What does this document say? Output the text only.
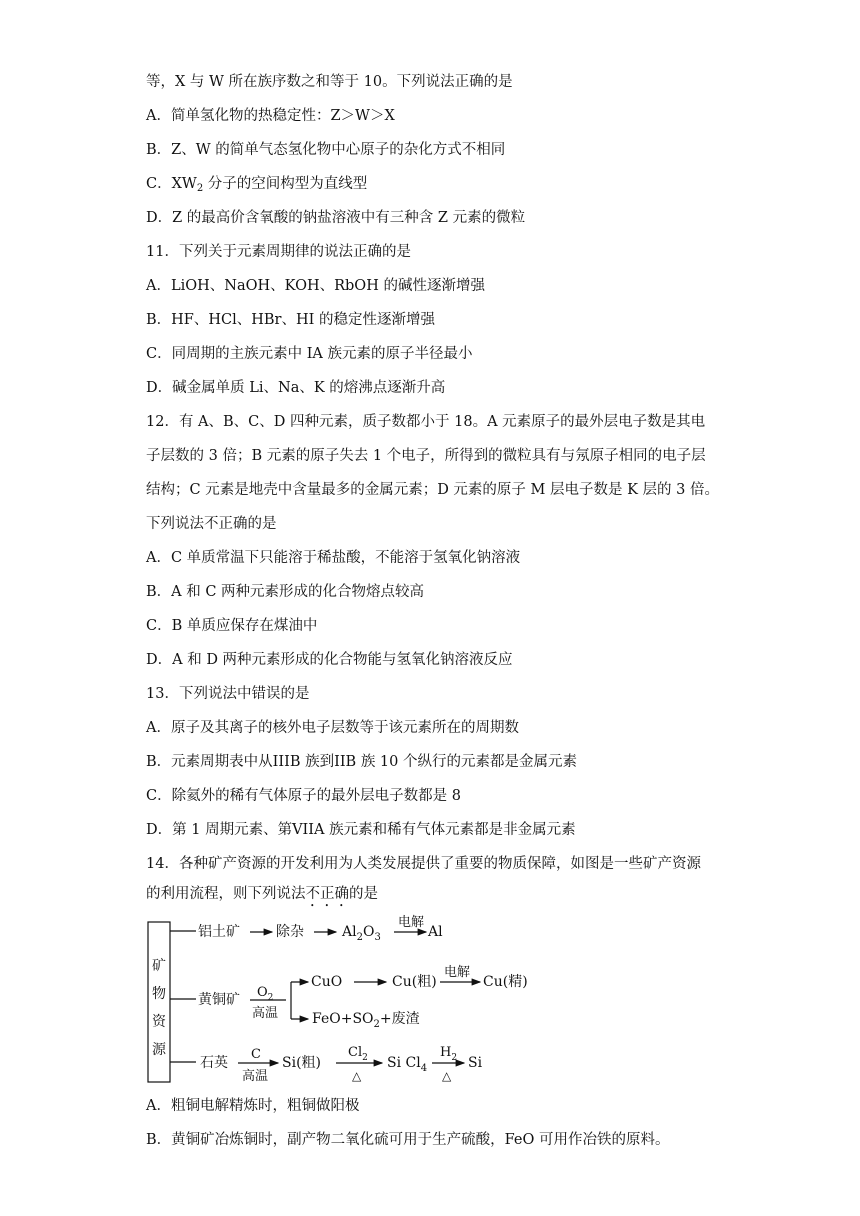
等，X 与 W 所在族序数之和等于 10。下列说法正确的是
A．简单氢化物的热稳定性：Z＞W＞X
B．Z、W 的简单气态氢化物中心原子的杂化方式不相同
C．$XW_2$ 分子的空间构型为直线型
D．Z 的最高价含氧酸的钠盐溶液中有三种含 Z 元素的微粒
11．下列关于元素周期律的说法正确的是
A．LiOH、NaOH、KOH、RbOH 的碱性逐渐增强
B．HF、HCl、HBr、HI 的稳定性逐渐增强
C．同周期的主族元素中 IA 族元素的原子半径最小
D．碱金属单质 Li、Na、K 的熔沸点逐渐升高
12．有 A、B、C、D 四种元素，质子数都小于 18。A 元素原子的最外层电子数是其电
子层数的 3 倍；B 元素的原子失去 1 个电子，所得到的微粒具有与氖原子相同的电子层
结构；C 元素是地壳中含量最多的金属元素；D 元素的原子 M 层电子数是 K 层的 3 倍。
下列说法不正确的是
A．C 单质常温下只能溶于稀盐酸，不能溶于氢氧化钠溶液
B．A 和 C 两种元素形成的化合物熔点较高
C．B 单质应保存在煤油中
D．A 和 D 两种元素形成的化合物能与氢氧化钠溶液反应
13．下列说法中错误的是
A．原子及其离子的核外电子层数等于该元素所在的周期数
B．元素周期表中从IIIB 族到IIB 族 10 个纵行的元素都是金属元素
C．除氦外的稀有气体原子的最外层电子数都是 8
D．第 1 周期元素、第VIIA 族元素和稀有气体元素都是非金属元素
14．各种矿产资源的开发利用为人类发展提供了重要的物质保障，如图是一些矿产资源
的利用流程，则下列说法不正确的是
矿
物
资
源
铝土矿	除杂	$Al_2O_3$
电解
Al
黄铜矿 $O_2$
高温
CuO	Cu(粗)
电解
Cu(精)
$FeO+SO_2+$废渣
石英
C
高温
Si(粗)
$Cl_2$
△
Si $Cl_4$
$H_2$
△
Si
A．粗铜电解精炼时，粗铜做阳极
B．黄铜矿冶炼铜时，副产物二氧化硫可用于生产硫酸，FeO 可用作冶铁的原料。
